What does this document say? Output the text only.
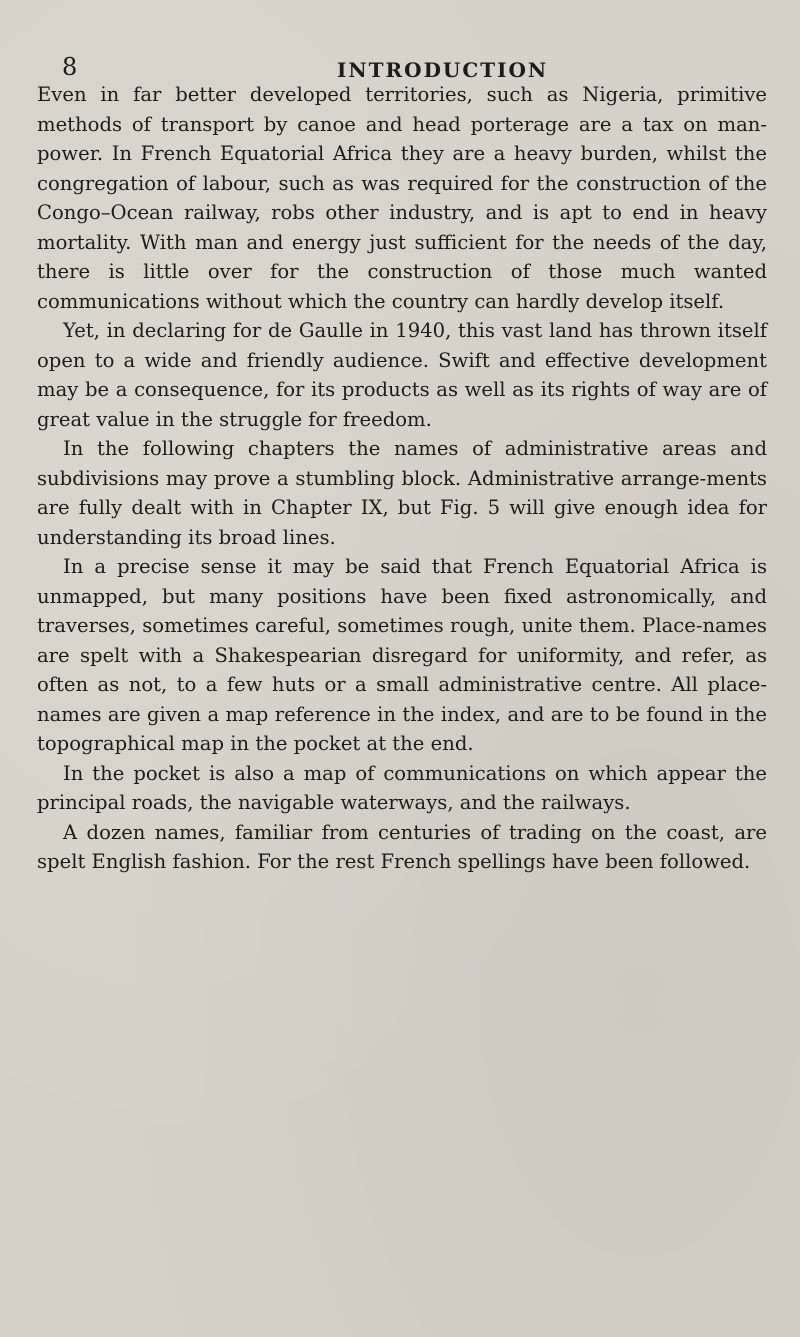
8	INTRODUCTION

Even in far better developed territories, such as Nigeria, primitive methods of transport by canoe and head porterage are a tax on man-power. In French Equatorial Africa they are a heavy burden, whilst the congregation of labour, such as was required for the construction of the Congo–Ocean railway, robs other industry, and is apt to end in heavy mortality. With man and energy just sufficient for the needs of the day, there is little over for the construction of those much wanted communications without which the country can hardly develop itself.

Yet, in declaring for de Gaulle in 1940, this vast land has thrown itself open to a wide and friendly audience. Swift and effective development may be a consequence, for its products as well as its rights of way are of great value in the struggle for freedom.

In the following chapters the names of administrative areas and subdivisions may prove a stumbling block. Administrative arrange-ments are fully dealt with in Chapter IX, but Fig. 5 will give enough idea for understanding its broad lines.

In a precise sense it may be said that French Equatorial Africa is unmapped, but many positions have been fixed astronomically, and traverses, sometimes careful, sometimes rough, unite them. Place-names are spelt with a Shakespearian disregard for uniformity, and refer, as often as not, to a few huts or a small administrative centre. All place-names are given a map reference in the index, and are to be found in the topographical map in the pocket at the end.

In the pocket is also a map of communications on which appear the principal roads, the navigable waterways, and the railways.

A dozen names, familiar from centuries of trading on the coast, are spelt English fashion. For the rest French spellings have been followed.
